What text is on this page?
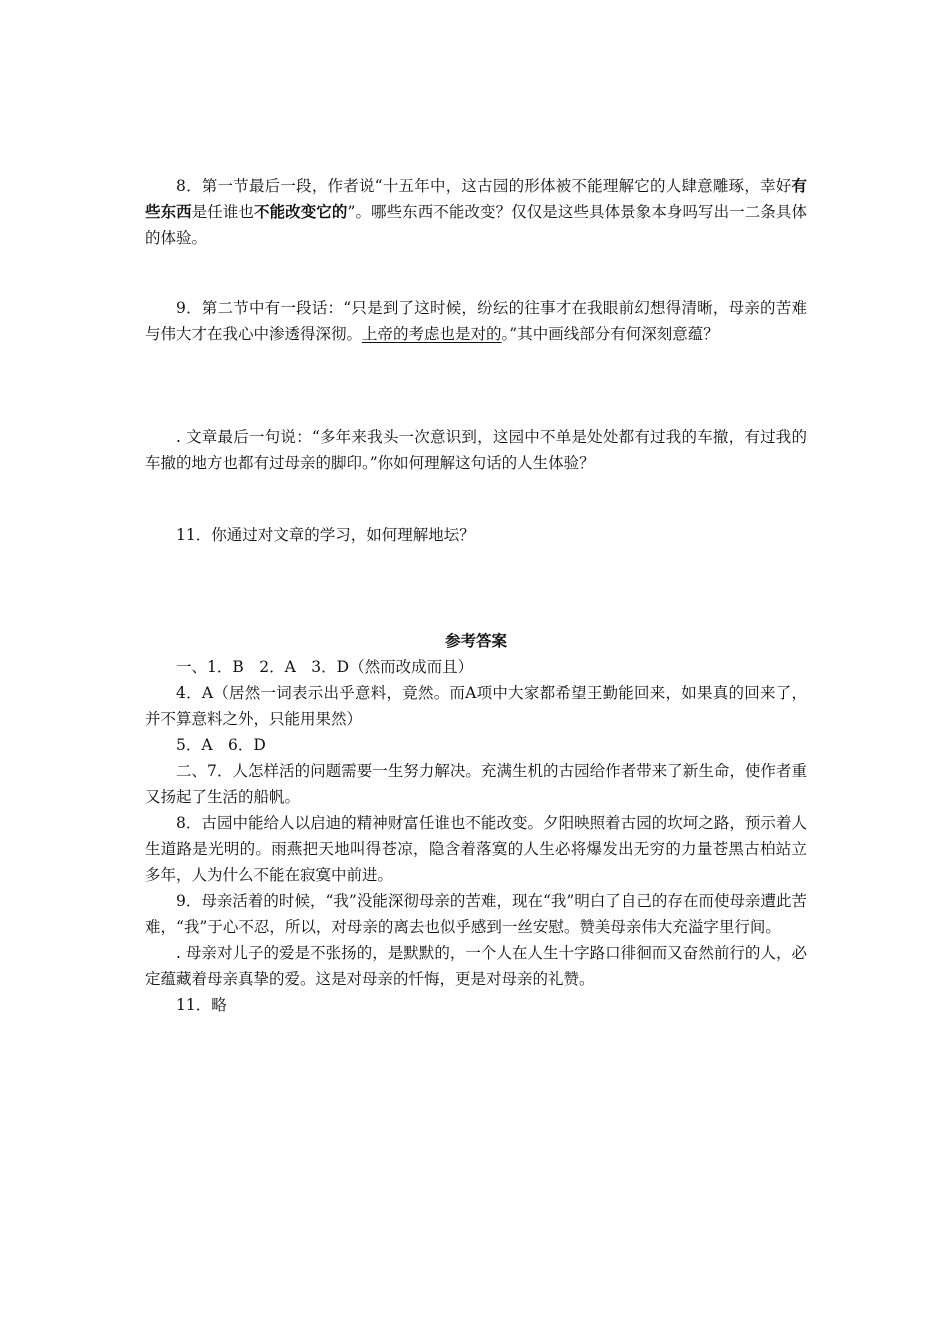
8．第一节最后一段，作者说“十五年中，这古园的形体被不能理解它的人肆意雕琢，幸好有些东西是任谁也不能改变它的”。哪些东西不能改变？仅仅是这些具体景象本身吗写出一二条具体的体验。

9．第二节中有一段话：“只是到了这时候，纷纭的往事才在我眼前幻想得清晰，母亲的苦难与伟大才在我心中渗透得深彻。上帝的考虑也是对的。”其中画线部分有何深刻意蕴？

. 文章最后一句说：“多年来我头一次意识到，这园中不单是处处都有过我的车撤，有过我的车撤的地方也都有过母亲的脚印。”你如何理解这句话的人生体验？

11．你通过对文章的学习，如何理解地坛？

参考答案

一、1．B　2．A　3．D（然而改成而且）

4．A（居然一词表示出乎意料，竟然。而A项中大家都希望王勤能回来，如果真的回来了，并不算意料之外，只能用果然）

5．A　6．D

二、7．人怎样活的问题需要一生努力解决。充满生机的古园给作者带来了新生命，使作者重又扬起了生活的船帆。

8．古园中能给人以启迪的精神财富任谁也不能改变。夕阳映照着古园的坎坷之路，预示着人生道路是光明的。雨燕把天地叫得苍凉，隐含着落寞的人生必将爆发出无穷的力量苍黑古柏站立多年，人为什么不能在寂寞中前进。

9．母亲活着的时候，“我”没能深彻母亲的苦难，现在“我”明白了自己的存在而使母亲遭此苦难，“我”于心不忍，所以，对母亲的离去也似乎感到一丝安慰。赞美母亲伟大充溢字里行间。

. 母亲对儿子的爱是不张扬的，是默默的，一个人在人生十字路口徘徊而又奋然前行的人，必定蕴藏着母亲真挚的爱。这是对母亲的忏悔，更是对母亲的礼赞。

11．略
